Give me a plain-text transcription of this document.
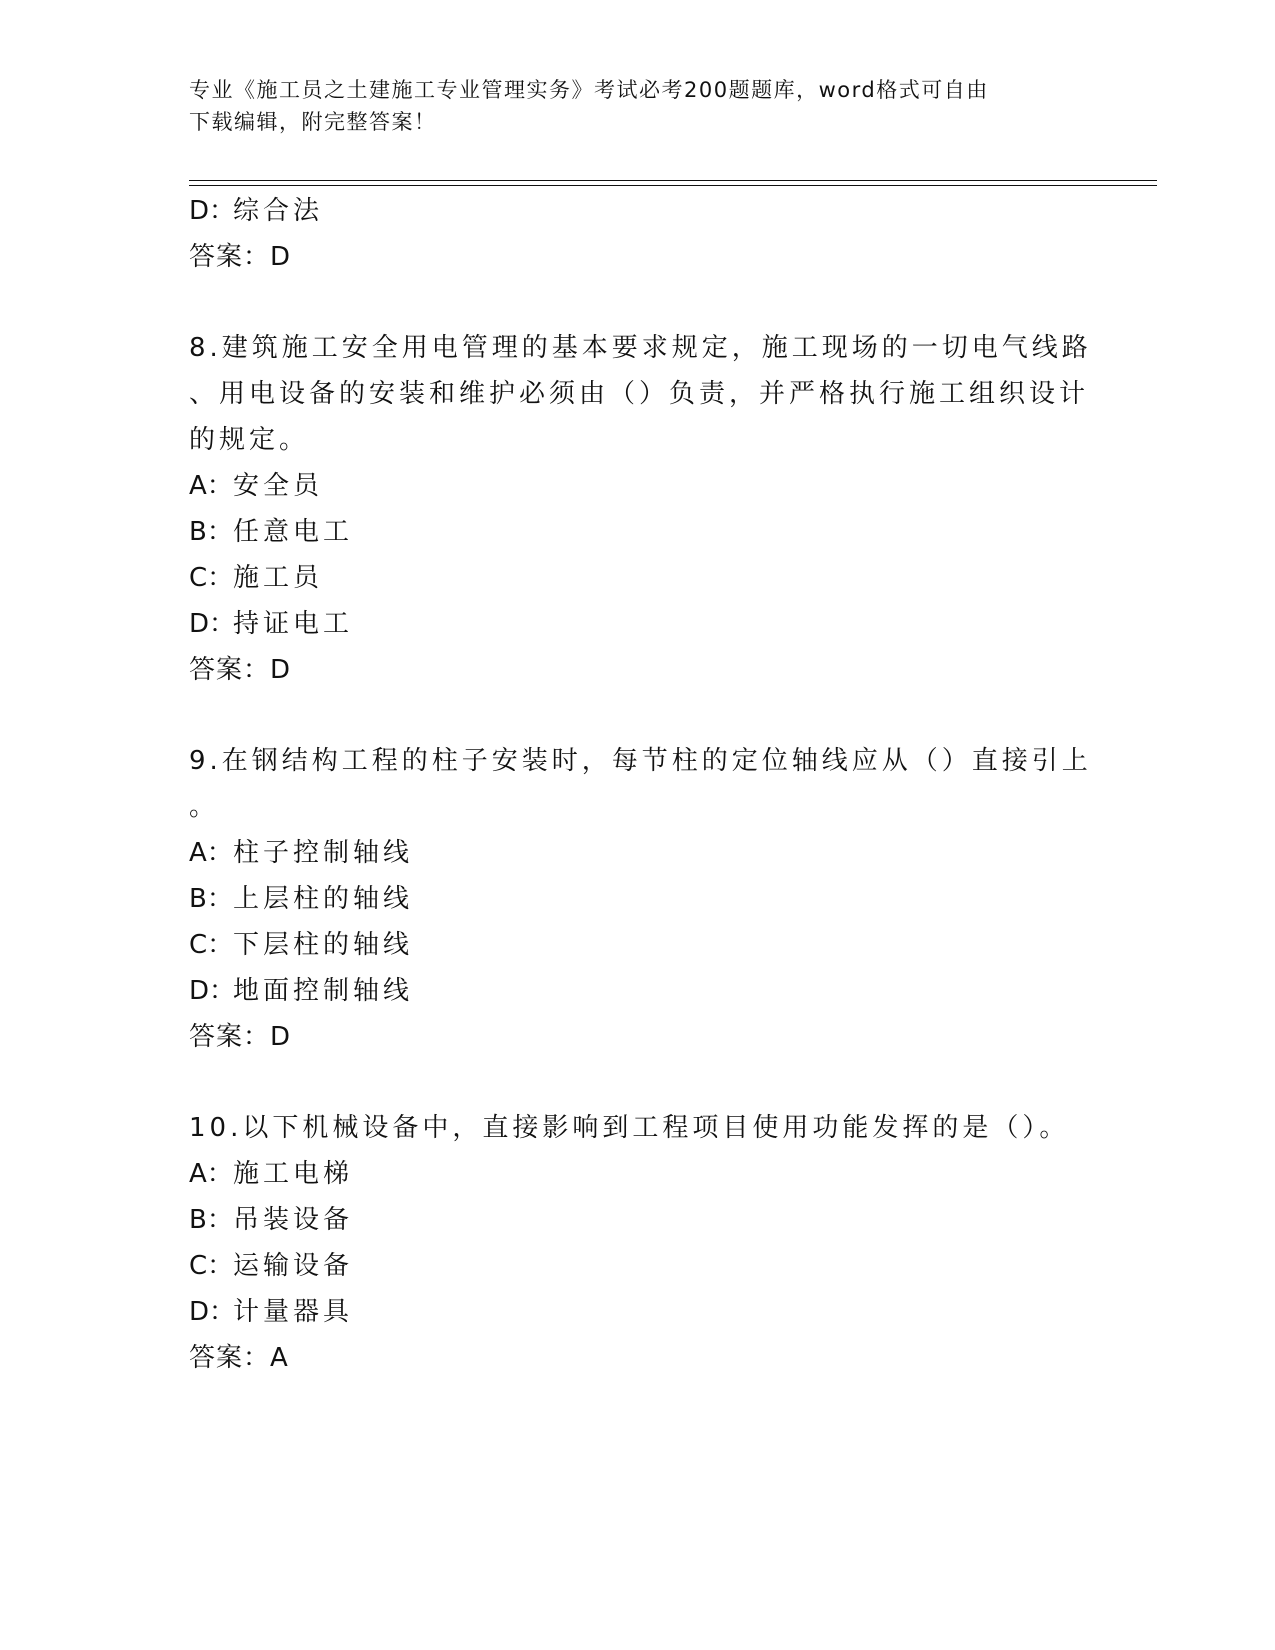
专业《施工员之土建施工专业管理实务》考试必考200题题库，word格式可自由
下载编辑，附完整答案！
D：
综合法
答案：D
8.建筑施工安全用电管理的基本要求规定，施工现场的一切电气线路
、用电设备的安装和维护必须由（）负责，并严格执行施工组织设计
的规定。
A： 安全员
B： 任意电工
C： 施工员
D：
持证电工
答案：D
9.在钢结构工程的柱子安装时，每节柱的定位轴线应从（）直接引上
。
A： 柱子控制轴线
B： 上层柱的轴线
C： 下层柱的轴线
D：
地面控制轴线
答案：D
10.以下机械设备中，直接影响到工程项目使用功能发挥的是（）。
A： 施工电梯
B： 吊装设备
C： 运输设备
D：
计量器具
答案：A
